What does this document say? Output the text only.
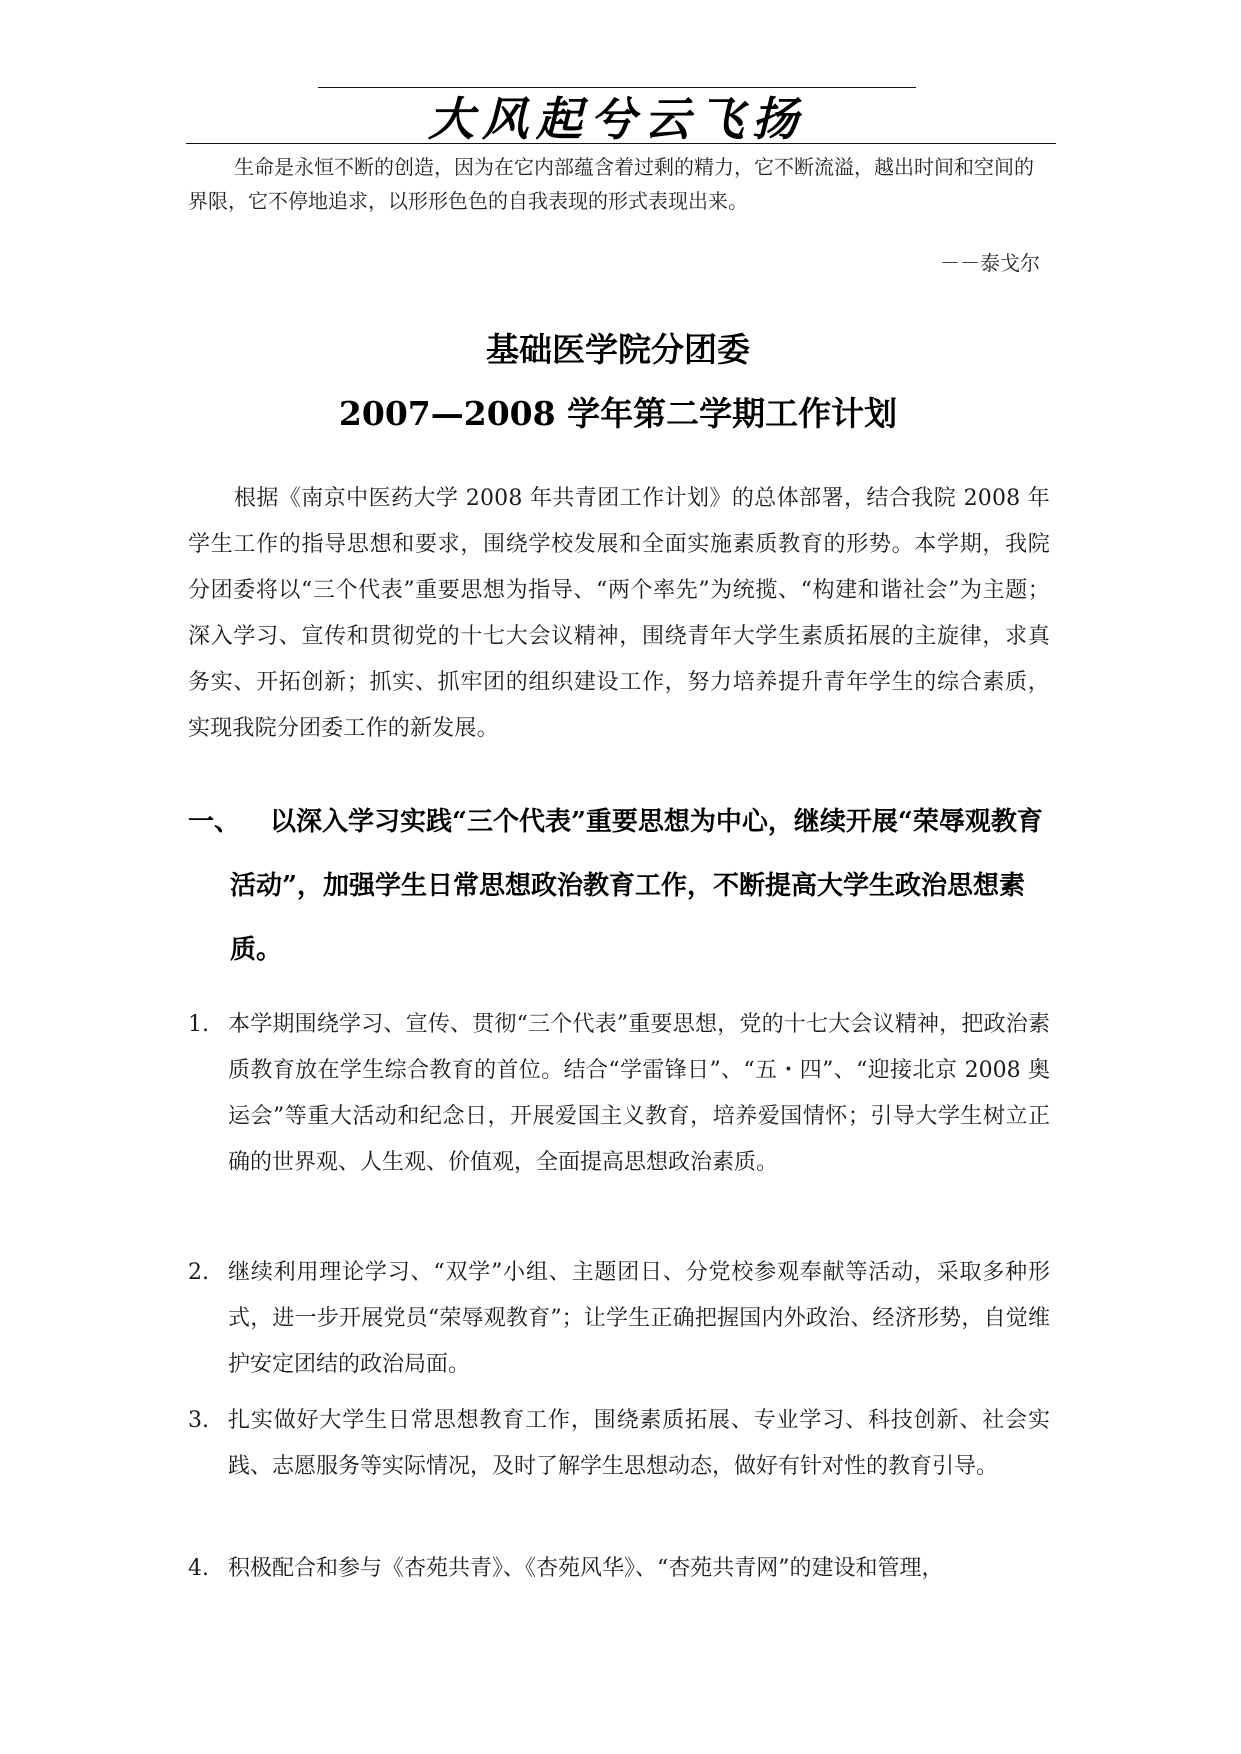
大风起兮云飞扬
生命是永恒不断的创造，因为在它内部蕴含着过剩的精力，它不断流溢，越出时间和空间的界限，它不停地追求，以形形色色的自我表现的形式表现出来。
－－泰戈尔
基础医学院分团委
2007—2008 学年第二学期工作计划
根据《南京中医药大学 2008 年共青团工作计划》的总体部署，结合我院 2008 年学生工作的指导思想和要求，围绕学校发展和全面实施素质教育的形势。本学期，我院分团委将以“三个代表”重要思想为指导、“两个率先”为统揽、“构建和谐社会”为主题；深入学习、宣传和贯彻党的十七大会议精神，围绕青年大学生素质拓展的主旋律，求真务实、开拓创新；抓实、抓牢团的组织建设工作，努力培养提升青年学生的综合素质，实现我院分团委工作的新发展。
一、	以深入学习实践“三个代表”重要思想为中心，继续开展“荣辱观教育活动”，加强学生日常思想政治教育工作，不断提高大学生政治思想素质。
1. 本学期围绕学习、宣传、贯彻“三个代表”重要思想，党的十七大会议精神，把政治素质教育放在学生综合教育的首位。结合“学雷锋日”、“五・四”、“迎接北京 2008 奥运会”等重大活动和纪念日，开展爱国主义教育，培养爱国情怀；引导大学生树立正确的世界观、人生观、价值观，全面提高思想政治素质。
2. 继续利用理论学习、“双学”小组、主题团日、分党校参观奉献等活动，采取多种形式，进一步开展党员“荣辱观教育”；让学生正确把握国内外政治、经济形势，自觉维护安定团结的政治局面。
3. 扎实做好大学生日常思想教育工作，围绕素质拓展、专业学习、科技创新、社会实践、志愿服务等实际情况，及时了解学生思想动态，做好有针对性的教育引导。
4. 积极配合和参与《杏苑共青》、《杏苑风华》、“杏苑共青网”的建设和管理，
